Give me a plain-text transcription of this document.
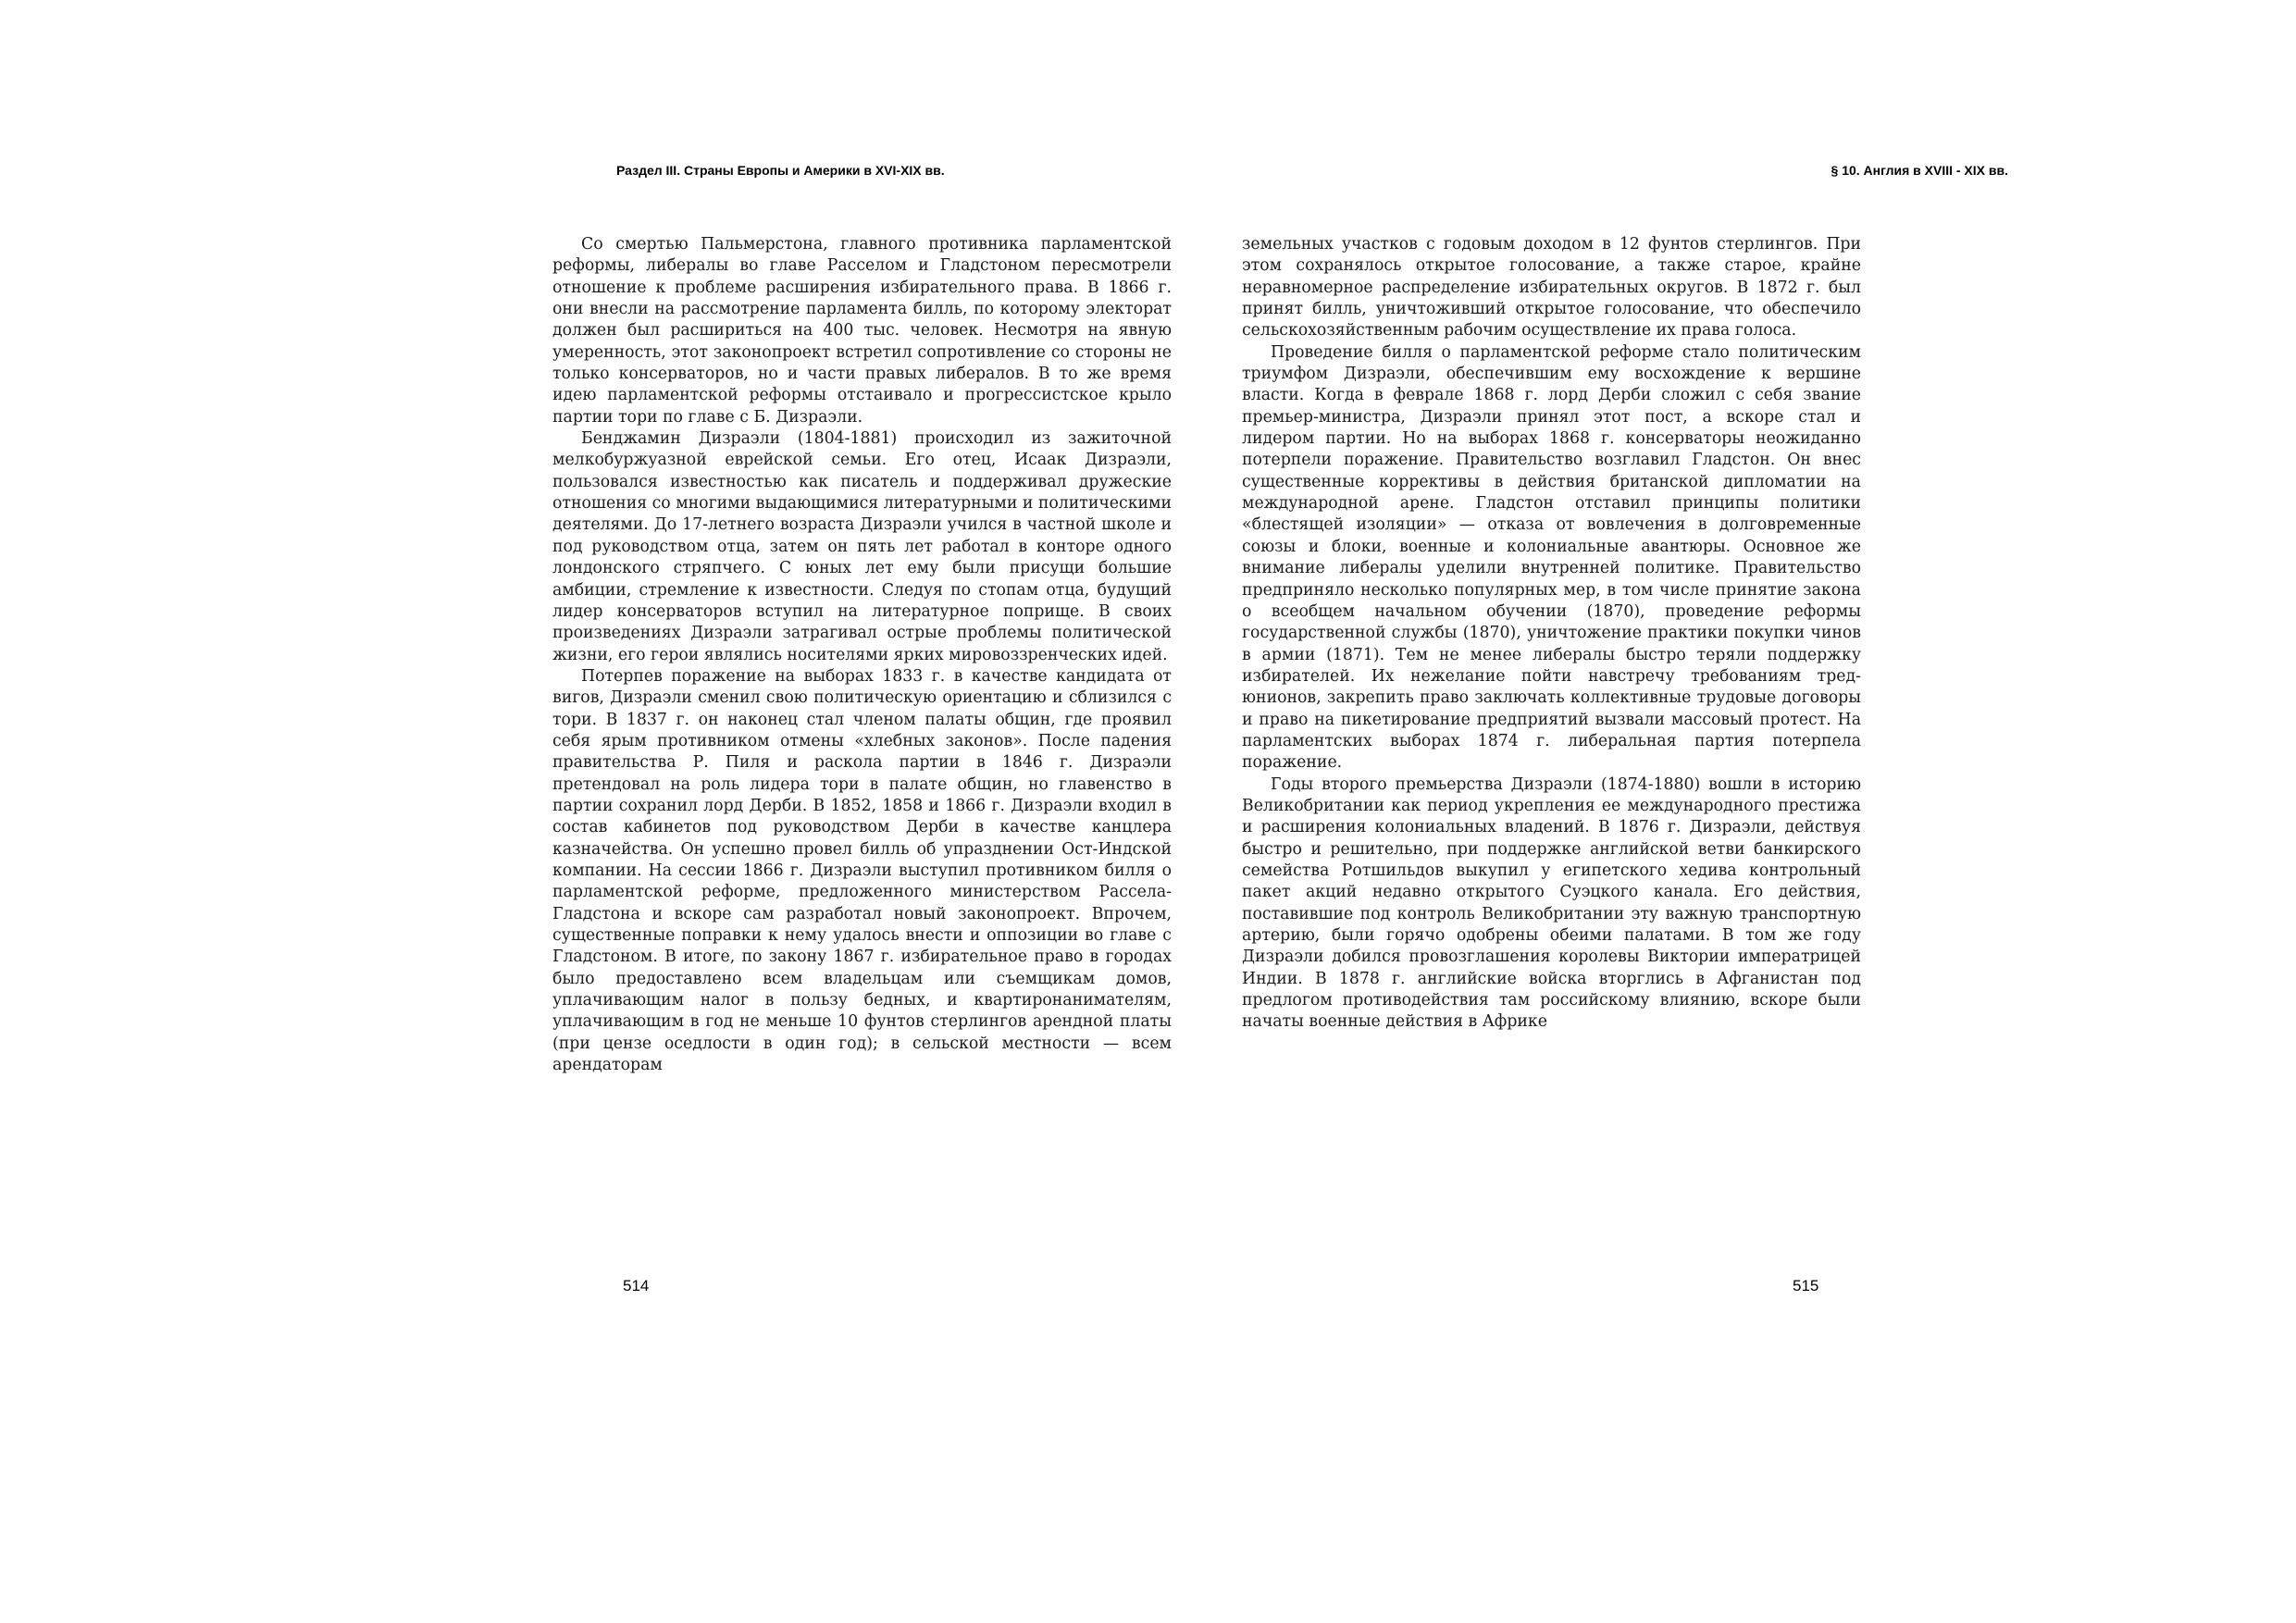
Раздел III. Страны Европы и Америки в XVI-XIX вв.

Со смертью Пальмерстона, главного противника парламентской реформы, либералы во главе Расселом и Гладстоном пересмотрели отношение к проблеме расширения избирательного права. В 1866 г. они внесли на рассмотрение парламента билль, по которому электорат должен был расшириться на 400 тыс. человек. Несмотря на явную умеренность, этот законопроект встретил сопротивление со стороны не только консерваторов, но и части правых либералов. В то же время идею парламентской реформы отстаивало и прогрессистское крыло партии тори по главе с Б. Дизраэли.

Бенджамин Дизраэли (1804-1881) происходил из зажиточной мелкобуржуазной еврейской семьи. Его отец, Исаак Дизраэли, пользовался известностью как писатель и поддерживал дружеские отношения со многими выдающимися литературными и политическими деятелями. До 17-летнего возраста Дизраэли учился в частной школе и под руководством отца, затем он пять лет работал в конторе одного лондонского стряпчего. С юных лет ему были присущи большие амбиции, стремление к известности. Следуя по стопам отца, будущий лидер консерваторов вступил на литературное поприще. В своих произведениях Дизраэли затрагивал острые проблемы политической жизни, его герои являлись носителями ярких мировоззренческих идей.

Потерпев поражение на выборах 1833 г. в качестве кандидата от вигов, Дизраэли сменил свою политическую ориентацию и сблизился с тори. В 1837 г. он наконец стал членом палаты общин, где проявил себя ярым противником отмены «хлебных законов». После падения правительства Р. Пиля и раскола партии в 1846 г. Дизраэли претендовал на роль лидера тори в палате общин, но главенство в партии сохранил лорд Дерби. В 1852, 1858 и 1866 г. Дизраэли входил в состав кабинетов под руководством Дерби в качестве канцлера казначейства. Он успешно провел билль об упразднении Ост-Индской компании. На сессии 1866 г. Дизраэли выступил противником билля о парламентской реформе, предложенного министерством Рассела-Гладстона и вскоре сам разработал новый законопроект. Впрочем, существенные поправки к нему удалось внести и оппозиции во главе с Гладстоном. В итоге, по закону 1867 г. избирательное право в городах было предоставлено всем владельцам или съемщикам домов, уплачивающим налог в пользу бедных, и квартиронанимателям, уплачивающим в год не меньше 10 фунтов стерлингов арендной платы (при цензе оседлости в один год); в сельской местности — всем арендаторам

514
§ 10. Англия в XVIII - XIX вв.

земельных участков с годовым доходом в 12 фунтов стерлингов. При этом сохранялось открытое голосование, а также старое, крайне неравномерное распределение избирательных округов. В 1872 г. был принят билль, уничтоживший открытое голосование, что обеспечило сельскохозяйственным рабочим осуществление их права голоса.

Проведение билля о парламентской реформе стало политическим триумфом Дизраэли, обеспечившим ему восхождение к вершине власти. Когда в феврале 1868 г. лорд Дерби сложил с себя звание премьер-министра, Дизраэли принял этот пост, а вскоре стал и лидером партии. Но на выборах 1868 г. консерваторы неожиданно потерпели поражение. Правительство возглавил Гладстон. Он внес существенные коррективы в действия британской дипломатии на международной арене. Гладстон отставил принципы политики «блестящей изоляции» — отказа от вовлечения в долговременные союзы и блоки, военные и колониальные авантюры. Основное же внимание либералы уделили внутренней политике. Правительство предприняло несколько популярных мер, в том числе принятие закона о всеобщем начальном обучении (1870), проведение реформы государственной службы (1870), уничтожение практики покупки чинов в армии (1871). Тем не менее либералы быстро теряли поддержку избирателей. Их нежелание пойти навстречу требованиям тред-юнионов, закрепить право заключать коллективные трудовые договоры и право на пикетирование предприятий вызвали массовый протест. На парламентских выборах 1874 г. либеральная партия потерпела поражение.

Годы второго премьерства Дизраэли (1874-1880) вошли в историю Великобритании как период укрепления ее международного престижа и расширения колониальных владений. В 1876 г. Дизраэли, действуя быстро и решительно, при поддержке английской ветви банкирского семейства Ротшильдов выкупил у египетского хедива контрольный пакет акций недавно открытого Суэцкого канала. Его действия, поставившие под контроль Великобритании эту важную транспортную артерию, были горячо одобрены обеими палатами. В том же году Дизраэли добился провозглашения королевы Виктории императрицей Индии. В 1878 г. английские войска вторглись в Афганистан под предлогом противодействия там российскому влиянию, вскоре были начаты военные действия в Африке

515
